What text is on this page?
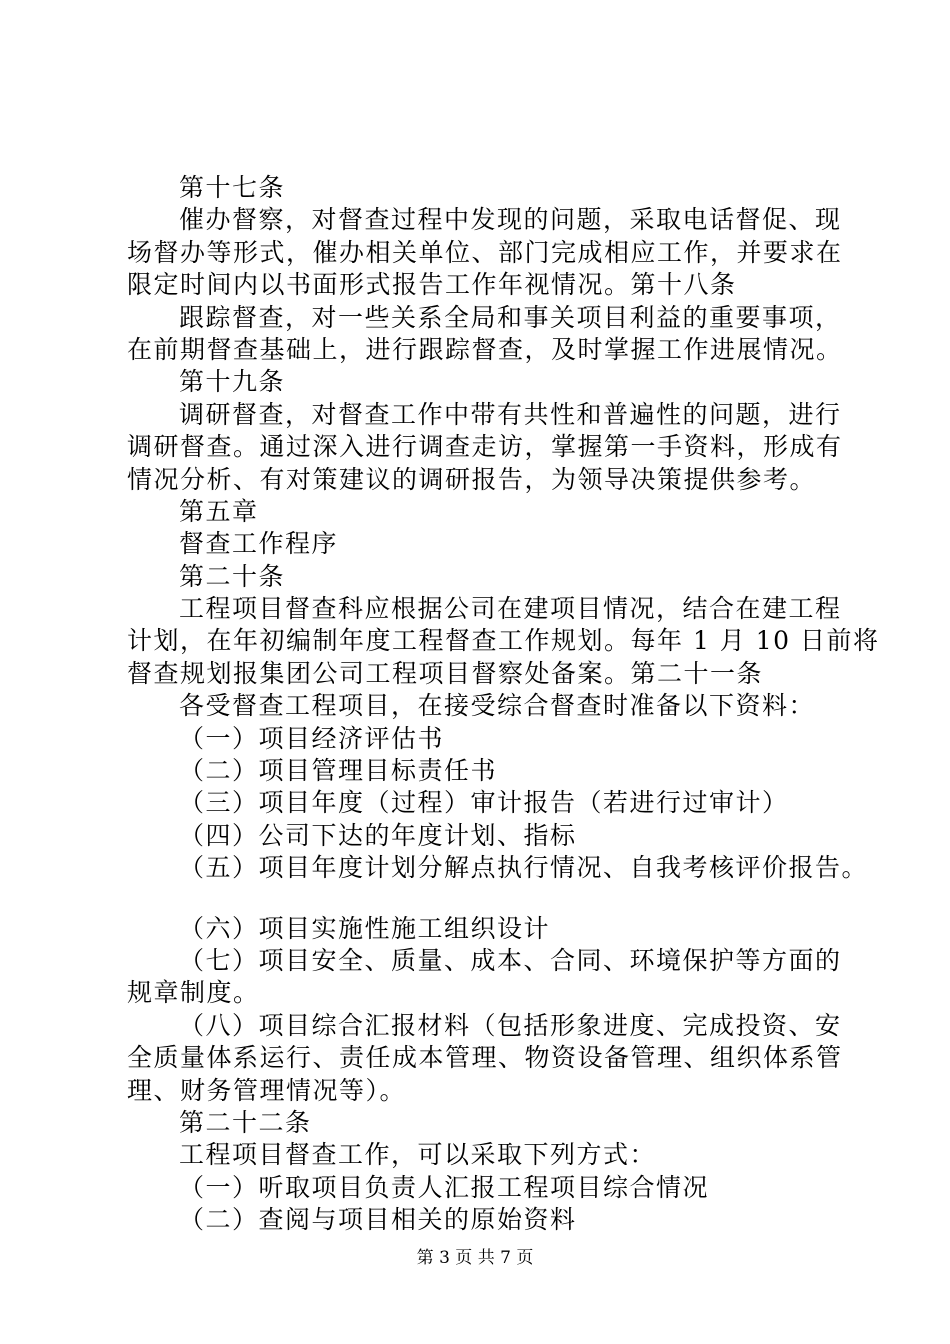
第十七条
催办督察，对督查过程中发现的问题，采取电话督促、现
场督办等形式，催办相关单位、部门完成相应工作，并要求在
限定时间内以书面形式报告工作年视情况。第十八条
跟踪督查，对一些关系全局和事关项目利益的重要事项，
在前期督查基础上，进行跟踪督查，及时掌握工作进展情况。
第十九条
调研督查，对督查工作中带有共性和普遍性的问题，进行
调研督查。通过深入进行调查走访，掌握第一手资料，形成有
情况分析、有对策建议的调研报告，为领导决策提供参考。
第五章
督查工作程序
第二十条
工程项目督查科应根据公司在建项目情况，结合在建工程
计划，在年初编制年度工程督查工作规划。每年 1 月 10 日前将
督查规划报集团公司工程项目督察处备案。第二十一条
各受督查工程项目，在接受综合督查时准备以下资料：
（一）项目经济评估书
（二）项目管理目标责任书
（三）项目年度（过程）审计报告（若进行过审计）
（四）公司下达的年度计划、指标
（五）项目年度计划分解点执行情况、自我考核评价报告。
（六）项目实施性施工组织设计
（七）项目安全、质量、成本、合同、环境保护等方面的
规章制度。
（八）项目综合汇报材料（包括形象进度、完成投资、安
全质量体系运行、责任成本管理、物资设备管理、组织体系管
理、财务管理情况等）。
第二十二条
工程项目督查工作，可以采取下列方式：
（一）听取项目负责人汇报工程项目综合情况
（二）查阅与项目相关的原始资料
第 3 页 共 7 页
